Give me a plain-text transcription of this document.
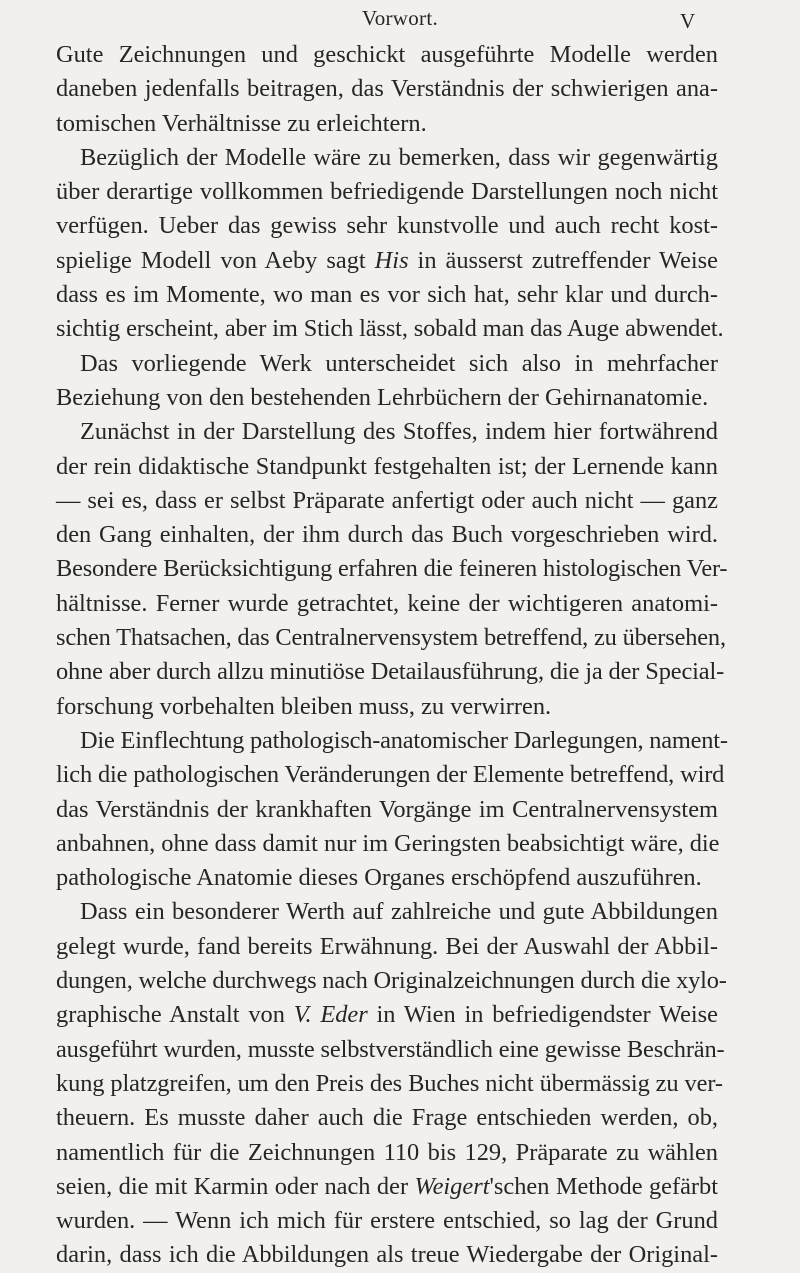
Vorwort.	V
Gute Zeichnungen und geschickt ausgeführte Modelle werden
daneben jedenfalls beitragen, das Verständnis der schwierigen ana-
tomischen Verhältnisse zu erleichtern.
Bezüglich der Modelle wäre zu bemerken, dass wir gegenwärtig
über derartige vollkommen befriedigende Darstellungen noch nicht
verfügen. Ueber das gewiss sehr kunstvolle und auch recht kost-
spielige Modell von Aeby sagt His in äusserst zutreffender Weise
dass es im Momente, wo man es vor sich hat, sehr klar und durch-
sichtig erscheint, aber im Stich lässt, sobald man das Auge abwendet.
Das vorliegende Werk unterscheidet sich also in mehrfacher
Beziehung von den bestehenden Lehrbüchern der Gehirnanatomie.
Zunächst in der Darstellung des Stoffes, indem hier fortwährend
der rein didaktische Standpunkt festgehalten ist; der Lernende kann
— sei es, dass er selbst Präparate anfertigt oder auch nicht — ganz
den Gang einhalten, der ihm durch das Buch vorgeschrieben wird.
Besondere Berücksichtigung erfahren die feineren histologischen Ver-
hältnisse. Ferner wurde getrachtet, keine der wichtigeren anatomi-
schen Thatsachen, das Centralnervensystem betreffend, zu übersehen,
ohne aber durch allzu minutiöse Detailausführung, die ja der Special-
forschung vorbehalten bleiben muss, zu verwirren.
Die Einflechtung pathologisch-anatomischer Darlegungen, nament-
lich die pathologischen Veränderungen der Elemente betreffend, wird
das Verständnis der krankhaften Vorgänge im Centralnervensystem
anbahnen, ohne dass damit nur im Geringsten beabsichtigt wäre, die
pathologische Anatomie dieses Organes erschöpfend auszuführen.
Dass ein besonderer Werth auf zahlreiche und gute Abbildungen
gelegt wurde, fand bereits Erwähnung. Bei der Auswahl der Abbil-
dungen, welche durchwegs nach Originalzeichnungen durch die xylo-
graphische Anstalt von V. Eder in Wien in befriedigendster Weise
ausgeführt wurden, musste selbstverständlich eine gewisse Beschrän-
kung platzgreifen, um den Preis des Buches nicht übermässig zu ver-
theuern. Es musste daher auch die Frage entschieden werden, ob,
namentlich für die Zeichnungen 110 bis 129, Präparate zu wählen
seien, die mit Karmin oder nach der Weigert'schen Methode gefärbt
wurden. — Wenn ich mich für erstere entschied, so lag der Grund
darin, dass ich die Abbildungen als treue Wiedergabe der Original-
